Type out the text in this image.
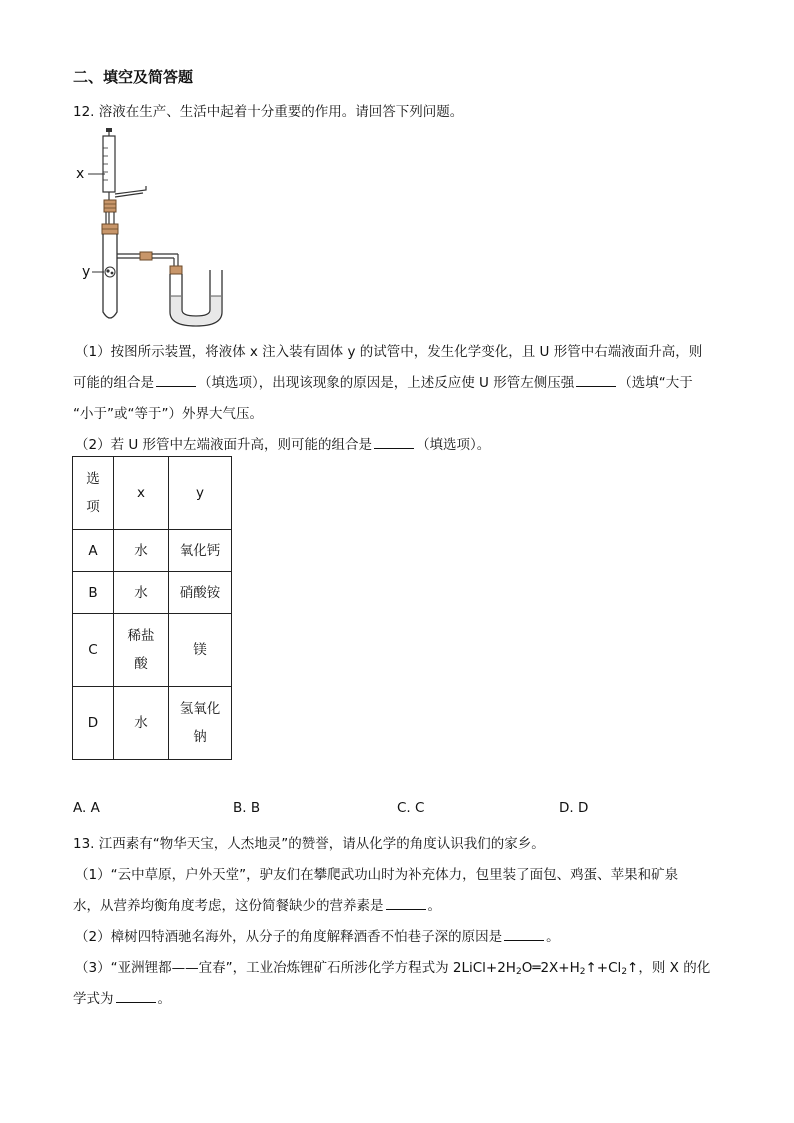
二、填空及简答题
12. 溶液在生产、生活中起着十分重要的作用。请回答下列问题。
x
y
（1）按图所示装置，将液体 x 注入装有固体 y 的试管中，发生化学变化，且 U 形管中右端液面升高，则
可能的组合是	（填选项），出现该现象的原因是，上述反应使 U 形管左侧压强	（选填“大于
“小于”或“等于”）外界大气压。
（2）若 U 形管中左端液面升高，则可能的组合是	（填选项）。
选项	x	y
A	水	氧化钙
B	水	硝酸铵
C	稀盐酸	镁
D	水	氢氧化钠
A. A	B. B	C. C	D. D
13. 江西素有“物华天宝，人杰地灵”的赞誉，请从化学的角度认识我们的家乡。
（1）“云中草原，户外天堂”，驴友们在攀爬武功山时为补充体力，包里装了面包、鸡蛋、苹果和矿泉
水，从营养均衡角度考虑，这份简餐缺少的营养素是	。
（2）樟树四特酒驰名海外，从分子的角度解释酒香不怕巷子深的原因是	。
（3）“亚洲锂都——宜春”，工业冶炼锂矿石所涉化学方程式为 $2LiCl+2H_2O═2X+H_2↑+Cl_2↑$，则 X 的化
学式为	。
